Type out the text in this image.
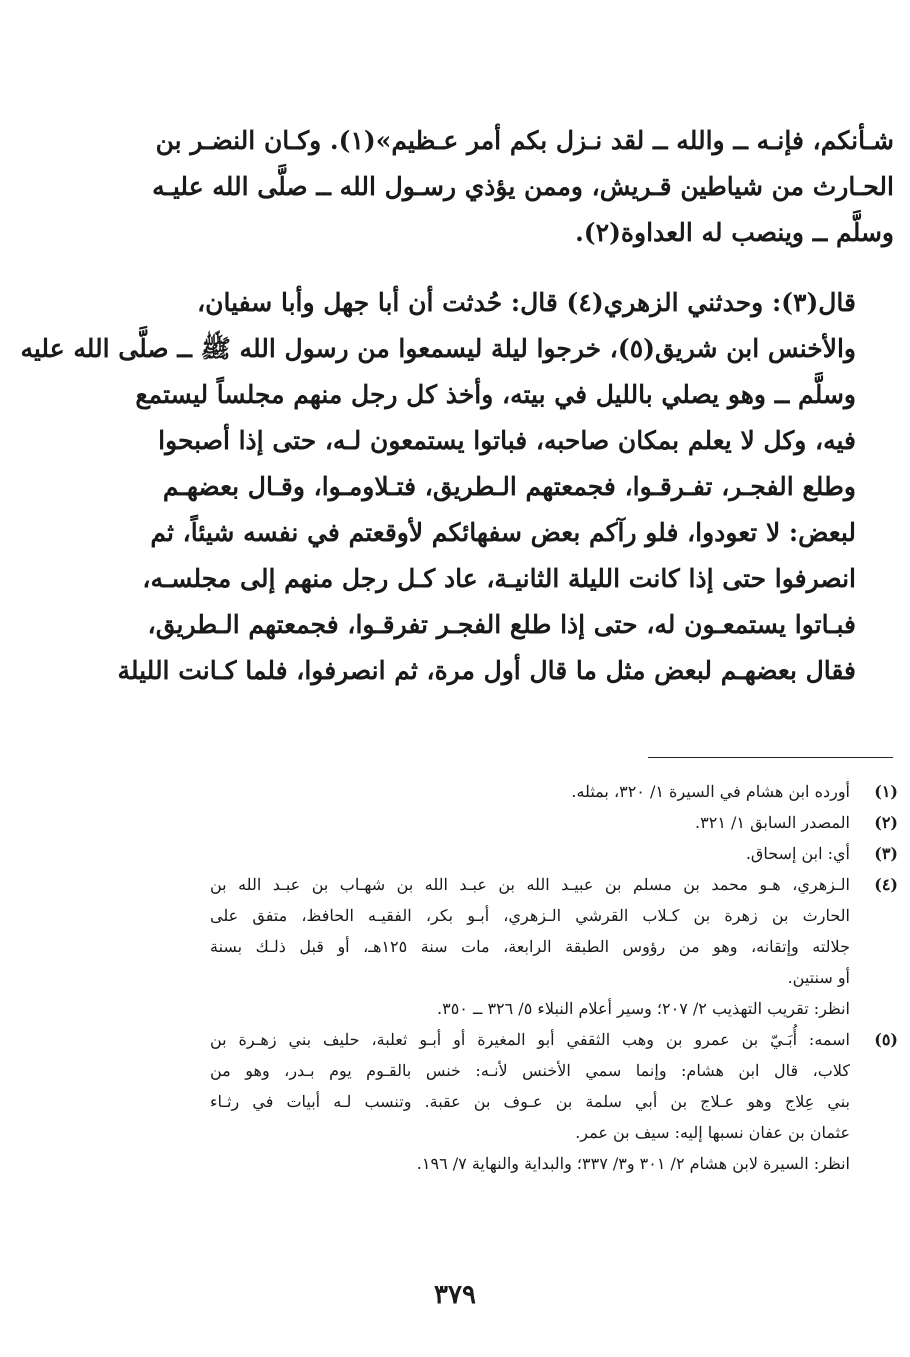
شـأنكم، فإنـه ــ والله ــ لقد نـزل بكم أمر عـظيم»(١). وكـان النضـر بن
الحـارث من شياطين قـريش، وممن يؤذي رسـول الله ــ صلَّى الله عليـه
وسلَّم ــ وينصب له العداوة(٢).

قال(٣): وحدثني الزهري(٤) قال: حُدثت أن أبا جهل وأبا سفيان،
والأخنس ابن شريق(٥)، خرجوا ليلة ليسمعوا من رسول الله ﷺ ــ صلَّى الله عليه
وسلَّم ــ وهو يصلي بالليل في بيته، وأخذ كل رجل منهم مجلساً ليستمع
فيه، وكل لا يعلم بمكان صاحبه، فباتوا يستمعون لـه، حتى إذا أصبحوا
وطلع الفجـر، تفـرقـوا، فجمعتهم الـطريق، فتـلاومـوا، وقـال بعضهـم
لبعض: لا تعودوا، فلو رآكم بعض سفهائكم لأوقعتم في نفسه شيئاً، ثم
انصرفوا حتى إذا كانت الليلة الثانيـة، عاد كـل رجل منهم إلى مجلسـه،
فبـاتوا يستمعـون له، حتى إذا طلع الفجـر تفرقـوا، فجمعتهم الـطريق،
فقال بعضهـم لبعض مثل ما قال أول مرة، ثم انصرفوا، فلما كـانت الليلة

(١)
أورده ابن هشام في السيرة ١/ ٣٢٠، بمثله.
(٢)
المصدر السابق ١/ ٣٢١.
(٣)
أي: ابن إسحاق.
(٤)
الـزهري، هـو محمد بن مسلم بن عبيـد الله بن عبـد الله بن شهـاب بن عبـد الله بن
الحارث بن زهرة بن كـلاب القرشي الـزهري، أبـو بكر، الفقيـه الحافظ، متفق على
جلالته وإتقانه، وهو من رؤوس الطبقة الرابعة، مات سنة ١٢٥هـ، أو قبل ذلـك بسنة
أو سنتين.
انظر: تقريب التهذيب ٢/ ٢٠٧؛ وسير أعلام النبلاء ٥/ ٣٢٦ ــ ٣٥٠.
(٥)
اسمه: أُبَـيّ بن عمرو بن وهب الثقفي أبو المغيرة أو أبـو ثعلبة، حليف بني زهـرة بن
كلاب، قال ابن هشام: وإنما سمي الأخنس لأنـه: خنس بالقـوم يوم بـدر، وهو من
بني عِلاج وهو عـلاج بن أبي سلمة بن عـوف بن عقبة. وتنسب لـه أبيات في رثـاء
عثمان بن عفان نسبها إليه: سيف بن عمر.
انظر: السيرة لابن هشام ٢/ ٣٠١ و٣/ ٣٣٧؛ والبداية والنهاية ٧/ ١٩٦.
٣٧٩
